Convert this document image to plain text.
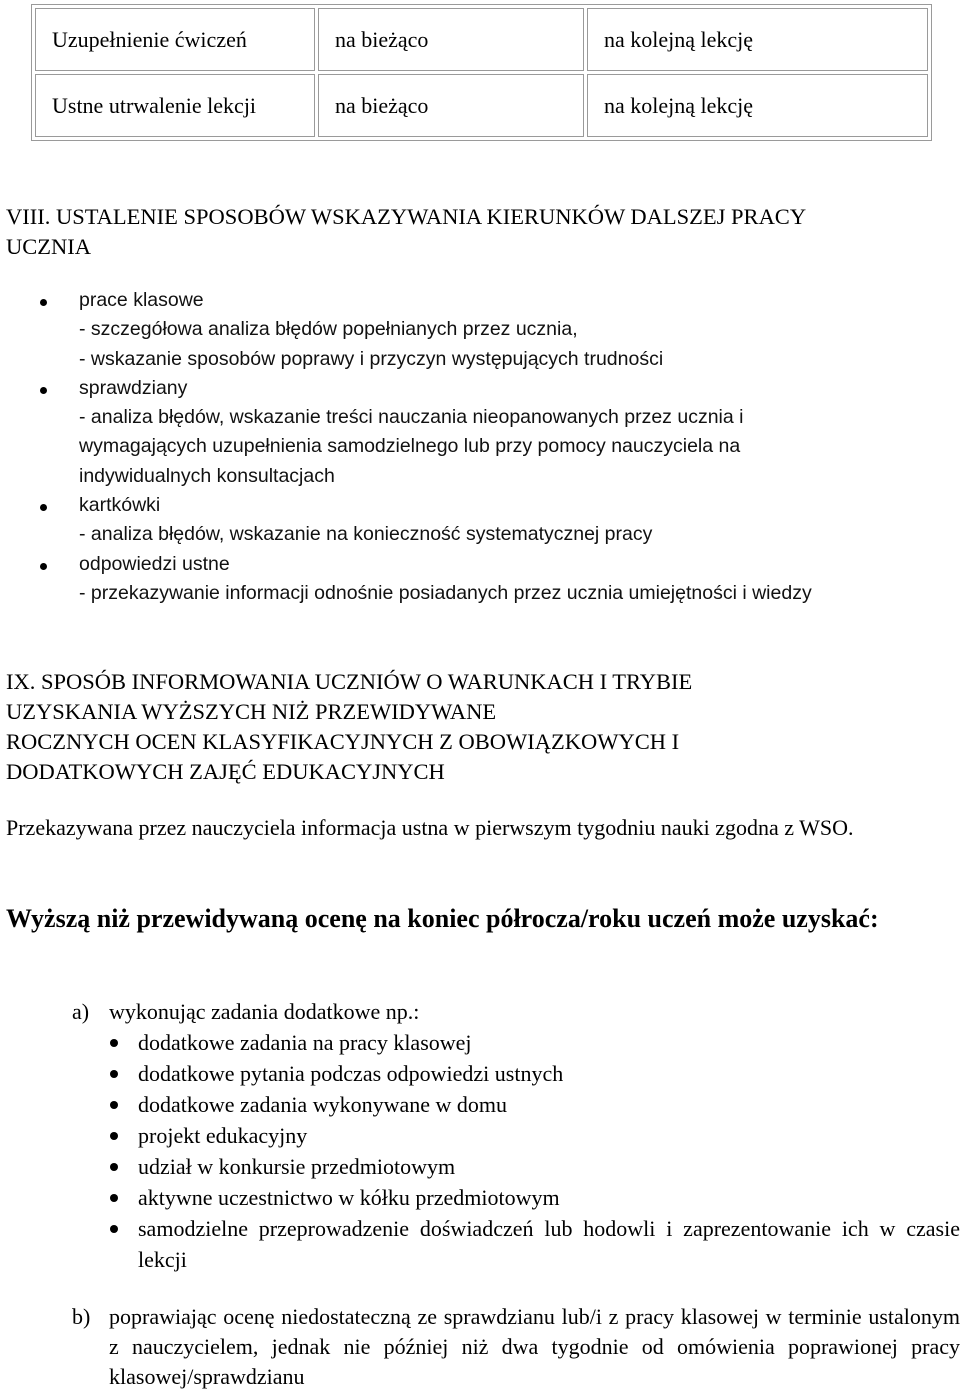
Uzupełnienie ćwiczeń	na bieżąco	na kolejną lekcję
Ustne utrwalenie lekcji	na bieżąco	na kolejną lekcję
VIII. USTALENIE SPOSOBÓW WSKAZYWANIA KIERUNKÓW DALSZEJ PRACY
UCZNIA
prace klasowe
- szczegółowa analiza błędów popełnianych przez ucznia,
- wskazanie sposobów poprawy i przyczyn występujących trudności
sprawdziany
- analiza błędów, wskazanie treści nauczania nieopanowanych przez ucznia i
wymagających uzupełnienia samodzielnego lub przy pomocy nauczyciela na
indywidualnych konsultacjach
kartkówki
- analiza błędów, wskazanie na konieczność systematycznej pracy
odpowiedzi ustne
- przekazywanie informacji odnośnie posiadanych przez ucznia umiejętności i wiedzy
IX. SPOSÓB INFORMOWANIA UCZNIÓW O WARUNKACH I TRYBIE
UZYSKANIA WYŻSZYCH NIŻ PRZEWIDYWANE
ROCZNYCH OCEN KLASYFIKACYJNYCH Z OBOWIĄZKOWYCH I
DODATKOWYCH ZAJĘĆ EDUKACYJNYCH

Przekazywana przez nauczyciela informacja ustna w pierwszym tygodniu nauki zgodna z WSO.

Wyższą niż przewidywaną ocenę na koniec półrocza/roku uczeń może uzyskać:
a) wykonując zadania dodatkowe np.:
dodatkowe zadania na pracy klasowej
dodatkowe pytania podczas odpowiedzi ustnych
dodatkowe zadania wykonywane w domu
projekt edukacyjny
udział w konkursie przedmiotowym
aktywne uczestnictwo w kółku przedmiotowym
samodzielne przeprowadzenie doświadczeń lub hodowli i zaprezentowanie ich w czasie lekcji
b) poprawiając ocenę niedostateczną ze sprawdzianu lub/i z pracy klasowej w terminie ustalonym z nauczycielem, jednak nie później niż dwa tygodnie od omówienia poprawionej pracy klasowej/sprawdzianu
